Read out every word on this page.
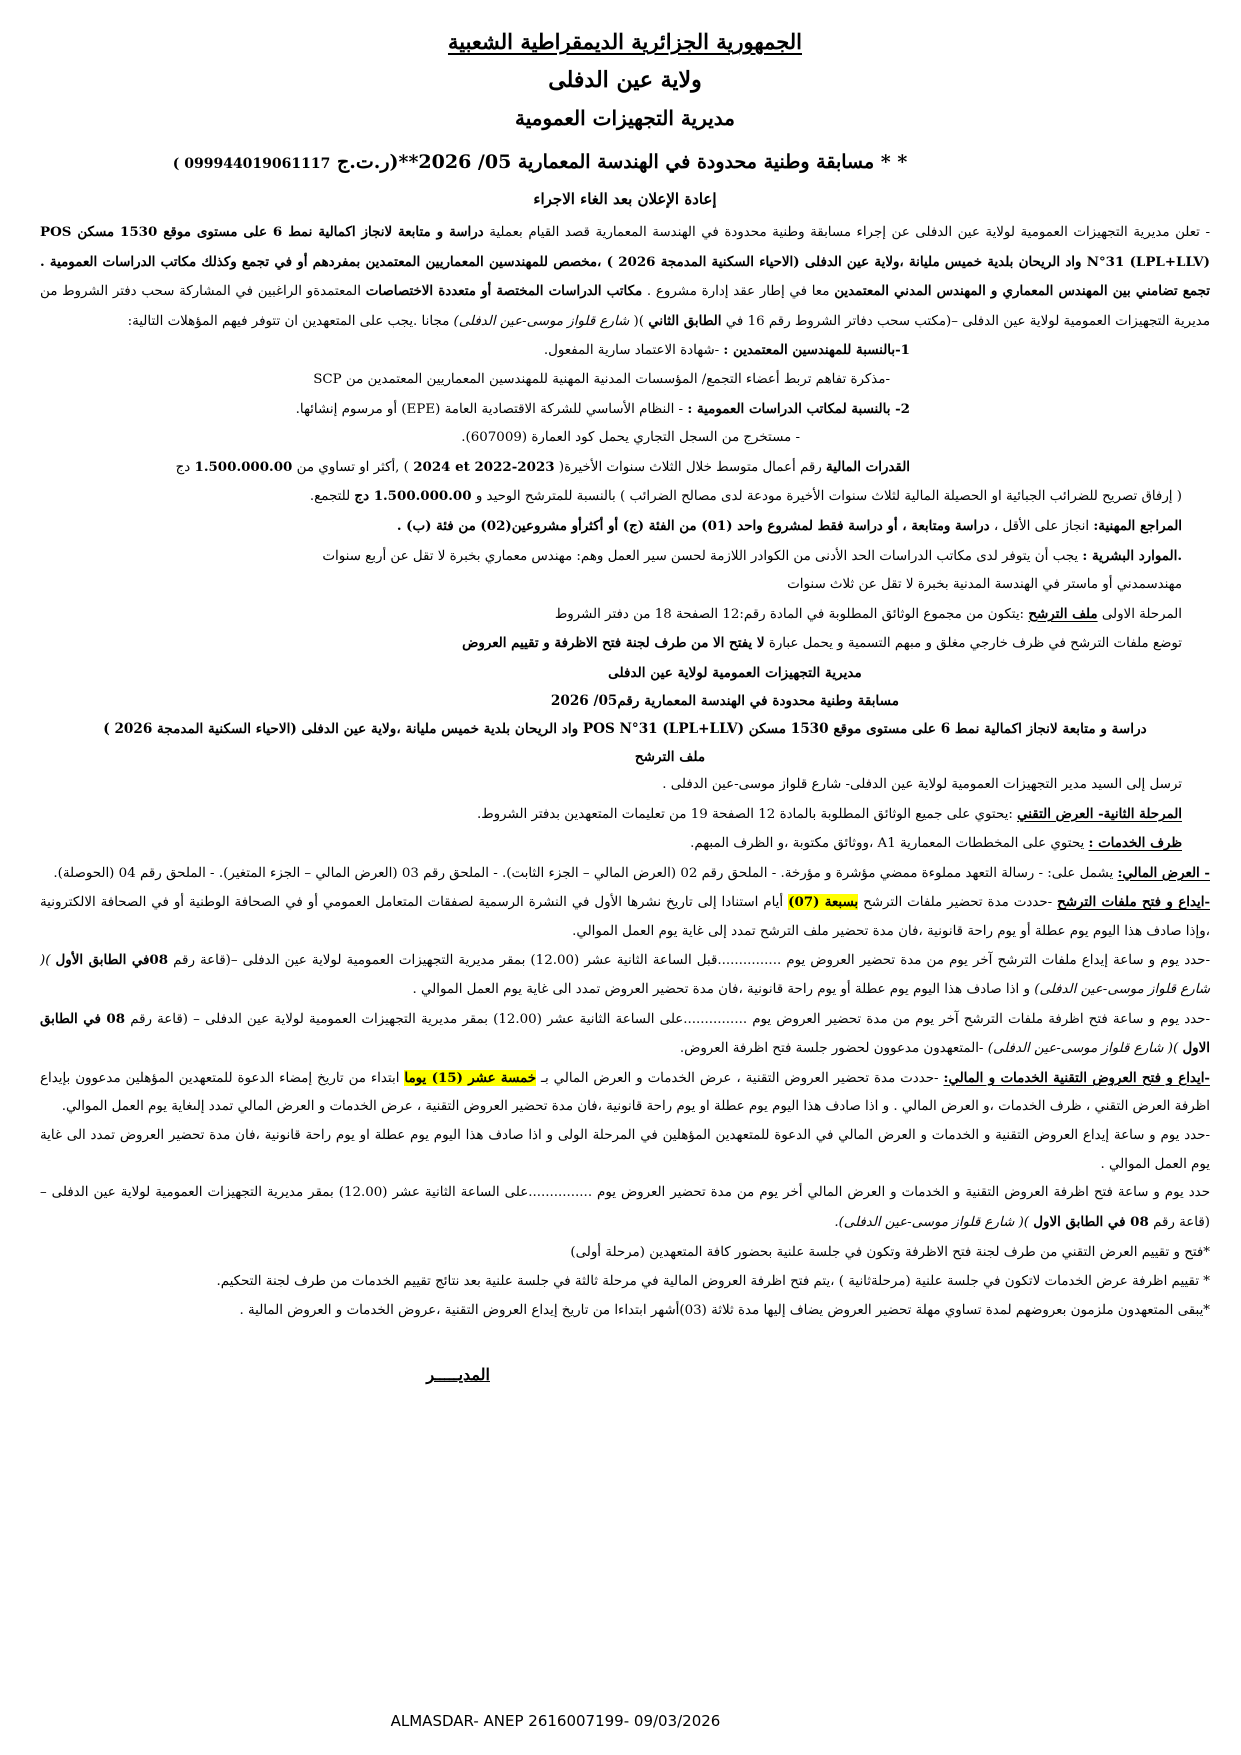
الجمهورية الجزائرية الديمقراطية الشعبية
ولاية عين الدفلى
مديرية التجهيزات العمومية
* * مسابقة وطنية محدودة في الهندسة المعمارية 05/ 2026**(ر.ت.ج 099944019061117 )
إعادة الإعلان بعد الغاء الاجراء

- تعلن مديرية التجهيزات العمومية لولاية عين الدفلى عن إجراء مسابقة وطنية محدودة في الهندسة المعمارية قصد القيام بعملية دراسة و متابعة لانجاز اكمالية نمط 6 على مستوى موقع 1530 مسكن POS N°31 (LPL+LLV) واد الريحان بلدية خميس مليانة ،ولاية عين الدفلى (الاحياء السكنية المدمجة 2026 ) ،مخصص للمهندسين المعماريين المعتمدين بمفردهم أو في تجمع وكذلك مكاتب الدراسات العمومية . تجمع تضامني بين المهندس المعماري و المهندس المدني المعتمدين معا في إطار عقد إدارة مشروع . مكاتب الدراسات المختصة أو متعددة الاختصاصات المعتمدةو الراغبين في المشاركة سحب دفتر الشروط من مديرية التجهيزات العمومية لولاية عين الدفلى –(مكتب سحب دفاتر الشروط رقم 16 في الطابق الثاني )( شارع قلواز موسى-عين الدفلى) مجانا .يجب على المتعهدين ان تتوفر فيهم المؤهلات التالية:

1-بالنسبة للمهندسين المعتمدين : -شهادة الاعتماد سارية المفعول.

-مذكرة تفاهم تربط أعضاء التجمع/ المؤسسات المدنية المهنية للمهندسين المعماريين المعتمدين من SCP

2- بالنسبة لمكاتب الدراسات العمومية : - النظام الأساسي للشركة الاقتصادية العامة (EPE) أو مرسوم إنشائها.

- مستخرج من السجل التجاري يحمل كود العمارة (607009).

القدرات المالية رقم أعمال متوسط خلال الثلاث سنوات الأخيرة( 2024 et 2022-2023 ) ,أكثر او تساوي من 1.500.000.00 دج

( إرفاق تصريح للضرائب الجبائية او الحصيلة المالية لثلاث سنوات الأخيرة مودعة لدى مصالح الضرائب ) بالنسبة للمترشح الوحيد و 1.500.000.00 دج للتجمع.

المراجع المهنية: انجاز على الأقل ، دراسة ومتابعة ، أو دراسة فقط لمشروع واحد (01) من الفئة (ج) أو أكثرأو مشروعين(02) من فئة (ب) .

.الموارد البشرية : يجب أن يتوفر لدى مكاتب الدراسات الحد الأدنى من الكوادر اللازمة لحسن سير العمل وهم: مهندس معماري بخبرة لا تقل عن أربع سنوات

مهندسمدني أو ماستر في الهندسة المدنية بخبرة لا تقل عن ثلاث سنوات

المرحلة الاولى ملف الترشح :يتكون من مجموع الوثائق المطلوبة في المادة رقم:12 الصفحة 18 من دفتر الشروط

توضع ملفات الترشح في ظرف خارجي مغلق و مبهم التسمية و يحمل عبارة لا يفتح الا من طرف لجنة فتح الاظرفة و تقييم العروض

مديرية التجهيزات العمومية لولاية عين الدفلى
مسابقة وطنية محدودة في الهندسة المعمارية رقم05/ 2026
دراسة و متابعة لانجاز اكمالية نمط 6 على مستوى موقع 1530 مسكن POS N°31 (LPL+LLV) واد الريحان بلدية خميس مليانة ،ولاية عين الدفلى (الاحياء السكنية المدمجة 2026 )
ملف الترشح

ترسل إلى السيد مدير التجهيزات العمومية لولاية عين الدفلى- شارع قلواز موسى-عين الدفلى .

المرحلة الثانية- العرض التقني :يحتوي على جميع الوثائق المطلوبة بالمادة 12 الصفحة 19 من تعليمات المتعهدين بدفتر الشروط.

ظرف الخدمات : يحتوي على المخططات المعمارية A1 ،ووثائق مكتوبة ،و الظرف المبهم.

- العرض المالي: يشمل على: - رسالة التعهد مملوءة ممضي مؤشرة و مؤرخة. - الملحق رقم 02 (العرض المالي – الجزء الثابت). - الملحق رقم 03 (العرض المالي – الجزء المتغير). - الملحق رقم 04 (الحوصلة).

-ايداع و فتح ملفات الترشح -حددت مدة تحضير ملفات الترشح بسبعة (07) أيام استنادا إلى تاريخ نشرها الأول في النشرة الرسمية لصفقات المتعامل العمومي أو في الصحافة الوطنية أو في الصحافة الالكترونية ،وإذا صادف هذا اليوم يوم عطلة أو يوم راحة قانونية ،فان مدة تحضير ملف الترشح تمدد إلى غاية يوم العمل الموالي.

-حدد يوم و ساعة إيداع ملفات الترشح آخر يوم من مدة تحضير العروض يوم ...............قبل الساعة الثانية عشر (12.00) بمقر مديرية التجهيزات العمومية لولاية عين الدفلى –(قاعة رقم 08في الطابق الأول )( شارع قلواز موسى-عين الدفلى) و اذا صادف هذا اليوم يوم عطلة أو يوم راحة قانونية ،فان مدة تحضير العروض تمدد الى غاية يوم العمل الموالي .

-حدد يوم و ساعة فتح اظرفة ملفات الترشح آخر يوم من مدة تحضير العروض يوم ...............على الساعة الثانية عشر (12.00) بمقر مديرية التجهيزات العمومية لولاية عين الدفلى – (قاعة رقم 08 في الطابق الاول )( شارع قلواز موسى-عين الدفلى) -المتعهدون مدعوون لحضور جلسة فتح اظرفة العروض.

-ايداع و فتح العروض التقنية الخدمات و المالي: -حددت مدة تحضير العروض التقنية ، عرض الخدمات و العرض المالي بـ خمسة عشر (15) يوما ابتداء من تاريخ إمضاء الدعوة للمتعهدين المؤهلين مدعوون بإيداع اظرفة العرض التقني ، ظرف الخدمات ،و العرض المالي . و اذا صادف هذا اليوم يوم عطلة او يوم راحة قانونية ،فان مدة تحضير العروض التقنية ، عرض الخدمات و العرض المالي تمدد إلىغاية يوم العمل الموالي.

-حدد يوم و ساعة إيداع العروض التقنية و الخدمات و العرض المالي في الدعوة للمتعهدين المؤهلين في المرحلة الولى و اذا صادف هذا اليوم يوم عطلة او يوم راحة قانونية ،فان مدة تحضير العروض تمدد الى غاية يوم العمل الموالي .

حدد يوم و ساعة فتح اظرفة العروض التقنية و الخدمات و العرض المالي أخر يوم من مدة تحضير العروض يوم ...............على الساعة الثانية عشر (12.00) بمقر مديرية التجهيزات العمومية لولاية عين الدفلى –(قاعة رقم 08 في الطابق الاول )( شارع قلواز موسى-عين الدفلى).

*فتح و تقييم العرض التقني من طرف لجنة فتح الاظرفة وتكون في جلسة علنية بحضور كافة المتعهدين (مرحلة أولى)

* تقييم اظرفة عرض الخدمات لاتكون في جلسة علنية (مرحلةثانية ) ،يتم فتح اظرفة العروض المالية في مرحلة ثالثة في جلسة علنية بعد نتائج تقييم الخدمات من طرف لجنة التحكيم.

*يبقى المتعهدون ملزمون بعروضهم لمدة تساوي مهلة تحضير العروض يضاف إليها مدة ثلاثة (03)أشهر ابتداءا من تاريخ إيداع العروض التقنية ،عروض الخدمات و العروض المالية .

المديـــــر
ALMASDAR- ANEP 2616007199- 09/03/2026
